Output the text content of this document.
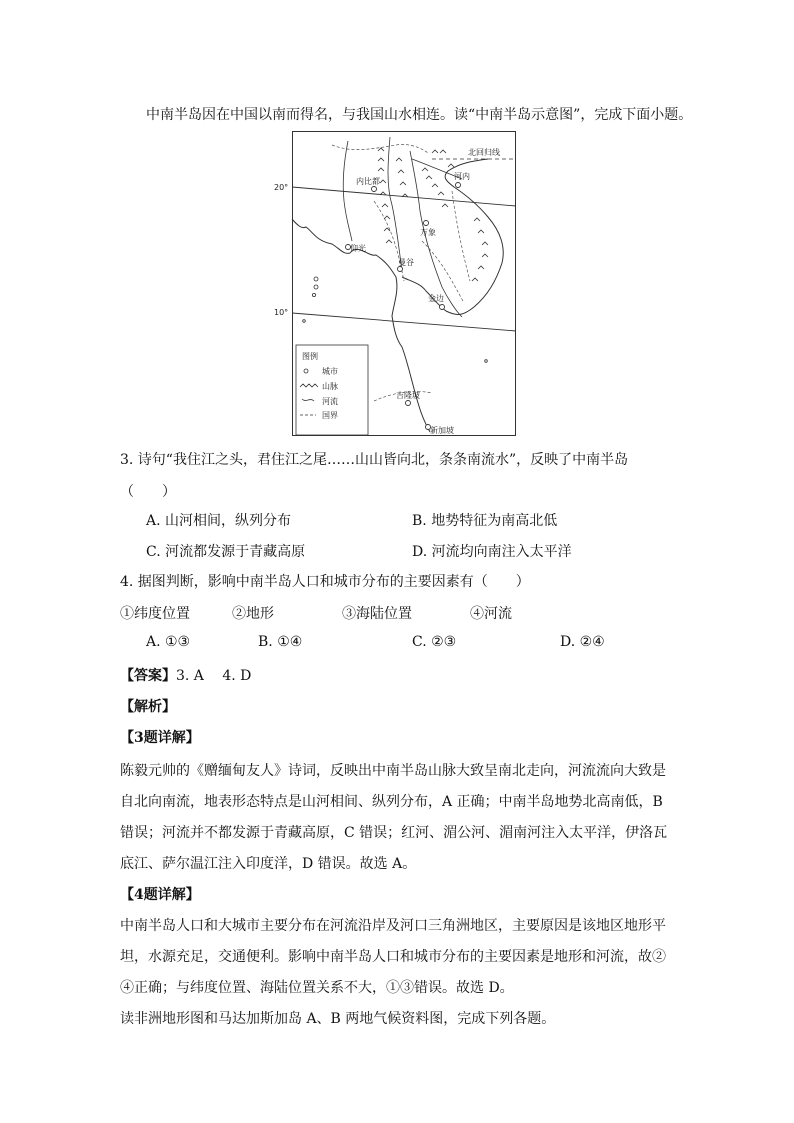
中南半岛因在中国以南而得名，与我国山水相连。读“中南半岛示意图”，完成下面小题。
20°
10°
北回归线
河内
内比都
万象
仰光
曼谷
金边
吉隆坡
新加坡
图例
城市
山脉
河流
国界
3. 诗句“我住江之头，君住江之尾……山山皆向北，条条南流水”，反映了中南半岛
（　　）
A. 山河相间，纵列分布	B. 地势特征为南高北低
C. 河流都发源于青藏高原	D. 河流均向南注入太平洋
4. 据图判断，影响中南半岛人口和城市分布的主要因素有（　　）
①纬度位置	②地形	③海陆位置	④河流
A. ①③	B. ①④	C. ②③	D. ②④
【答案】3. A　 4. D
【解析】
【3题详解】
陈毅元帅的《赠缅甸友人》诗词，反映出中南半岛山脉大致呈南北走向，河流流向大致是
自北向南流，地表形态特点是山河相间、纵列分布，A 正确；中南半岛地势北高南低，B
错误；河流并不都发源于青藏高原，C 错误；红河、湄公河、湄南河注入太平洋，伊洛瓦
底江、萨尔温江注入印度洋，D 错误。故选 A。
【4题详解】
中南半岛人口和大城市主要分布在河流沿岸及河口三角洲地区，主要原因是该地区地形平
坦，水源充足，交通便利。影响中南半岛人口和城市分布的主要因素是地形和河流，故②
④正确；与纬度位置、海陆位置关系不大，①③错误。故选 D。
读非洲地形图和马达加斯加岛 A、B 两地气候资料图，完成下列各题。
